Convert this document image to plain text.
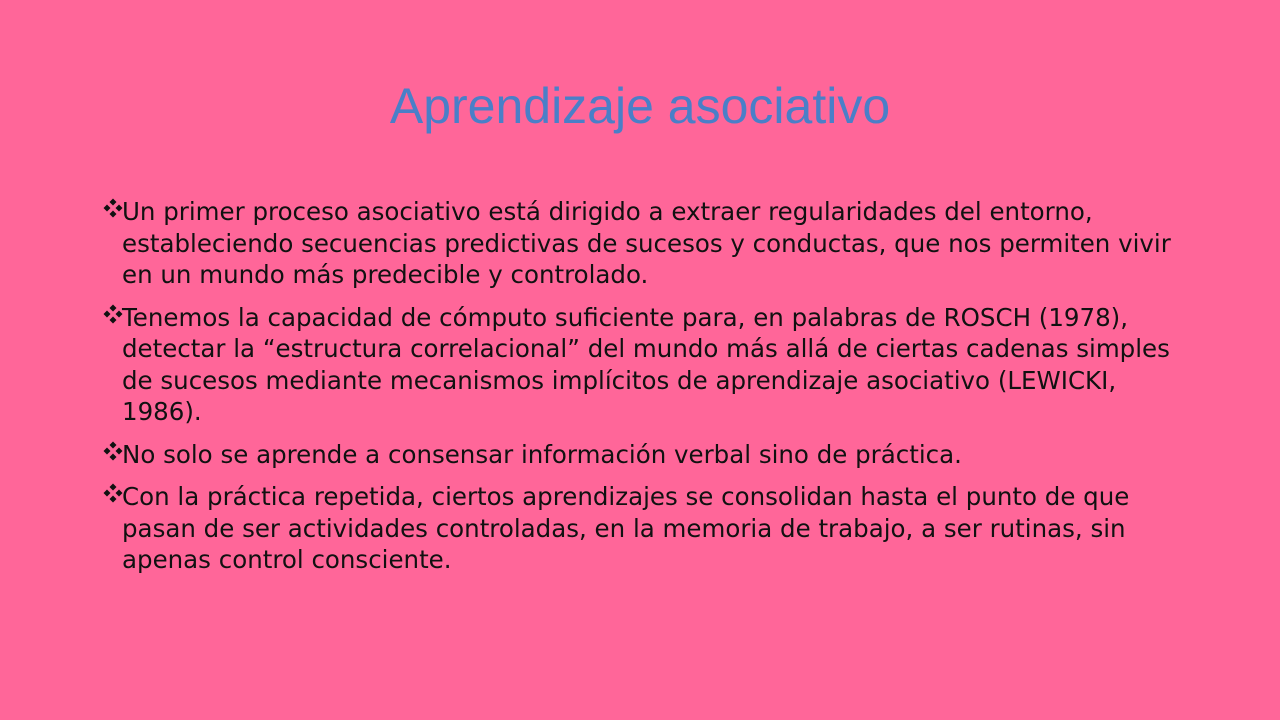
Aprendizaje asociativo
Un primer proceso asociativo está dirigido a extraer regularidades del entorno, estableciendo secuencias predictivas de sucesos y conductas, que nos permiten vivir en un mundo más predecible y controlado.
Tenemos la capacidad de cómputo suficiente para, en palabras de ROSCH (1978), detectar la “estructura correlacional” del mundo más allá de ciertas cadenas simples de sucesos mediante mecanismos implícitos de aprendizaje asociativo (LEWICKI, 1986).
No solo se aprende a consensar información verbal sino de práctica.
Con la práctica repetida, ciertos aprendizajes se consolidan hasta el punto de que pasan de ser actividades controladas, en la memoria de trabajo, a ser rutinas, sin apenas control consciente.
